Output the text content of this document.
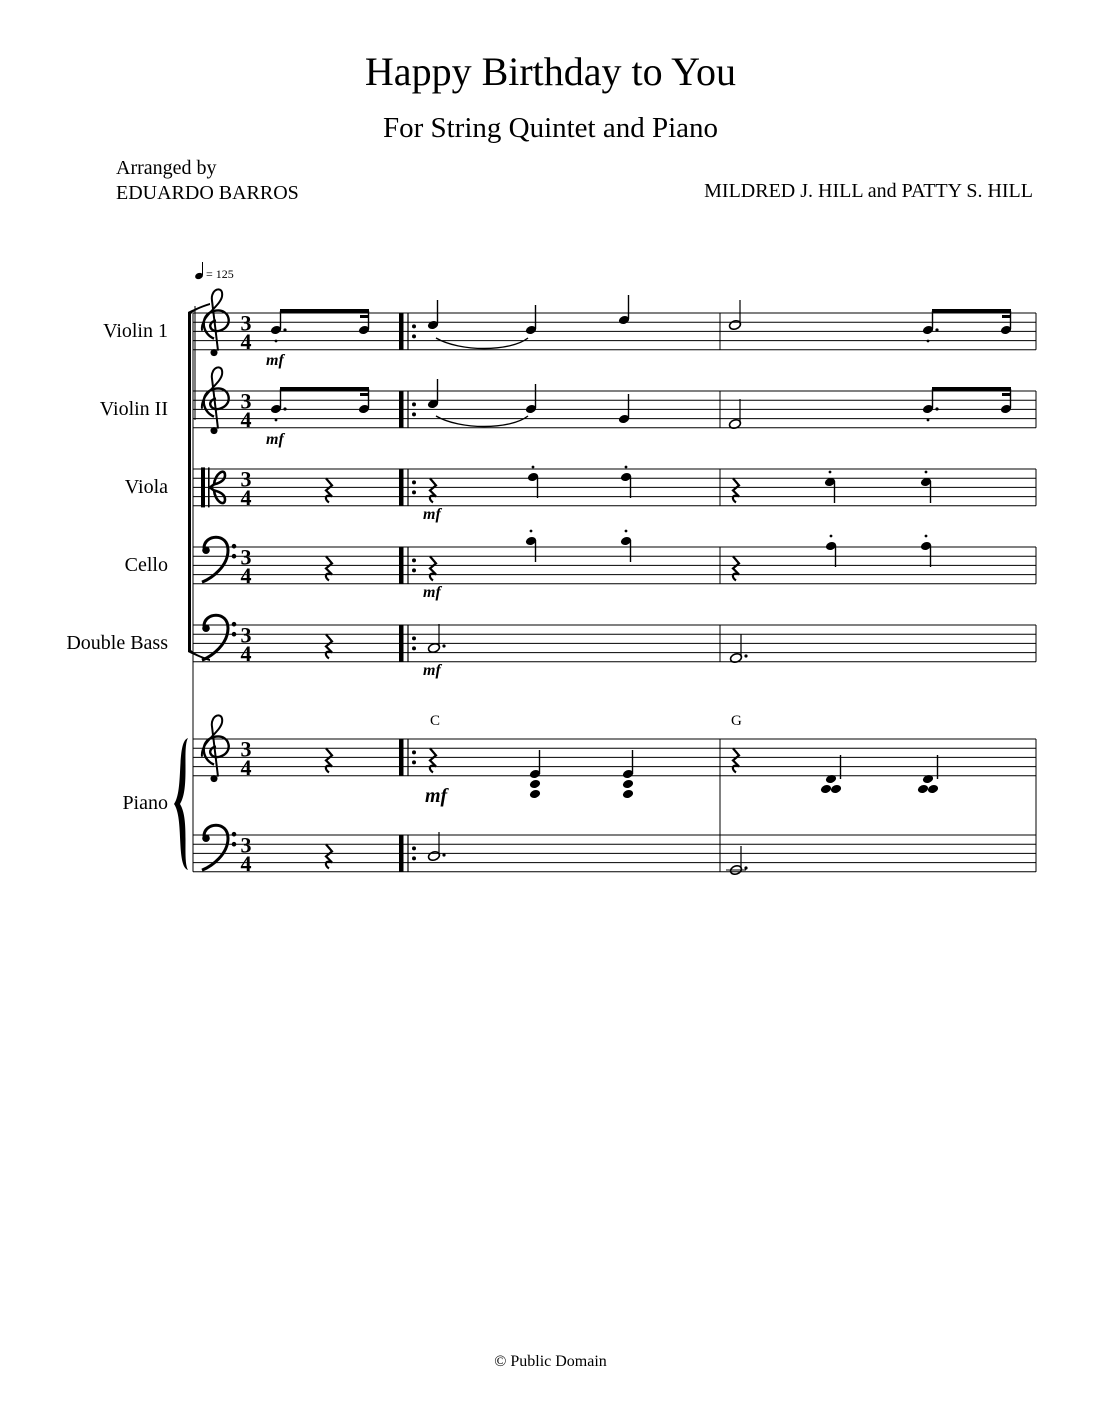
Happy Birthday to You
For String Quintet and Piano
Arranged by
EDUARDO BARROS	MILDRED J. HILL and PATTY S. HILL
Violin 1
Violin II
Viola
Cello
Double Bass
Piano
© Public Domain
= 125
3
4
3
4
3
4
3
4
3
4
3
4
3
4
mf
mf
mf
mf
mf
mf
C	G
